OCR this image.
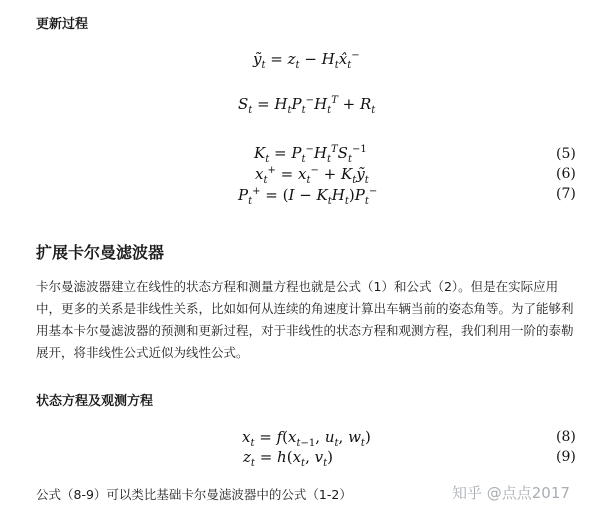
更新过程
ỹ$_t$ = $z_t$ − $H_tx̂_t^-$
$S_t = H_tP_t^-H_t^T + R_t$
$K_t = P_t^-H_t^TS_t^{-1}$	(5)
$x_t^+ = x_t^-$ + $K_tỹ_t$	(6)
$P_t^+ = (I - K_tH_t)P_t^-$	(7)
扩展卡尔曼滤波器
卡尔曼滤波器建立在线性的状态方程和测量方程也就是公式（1）和公式（2）。但是在实际应用
中，更多的关系是非线性关系，比如如何从连续的角速度计算出车辆当前的姿态角等。为了能够利
用基本卡尔曼滤波器的预测和更新过程，对于非线性的状态方程和观测方程，我们利用一阶的泰勒
展开，将非线性公式近似为线性公式。
状态方程及观测方程
$x_t = f(x_{t-1}$, $u_t$, $w_t$)	(8)
$z_t = h(x_t$, $v_t$)	(9)
公式（8-9）可以类比基础卡尔曼滤波器中的公式（1-2）	知乎 @点点2017
